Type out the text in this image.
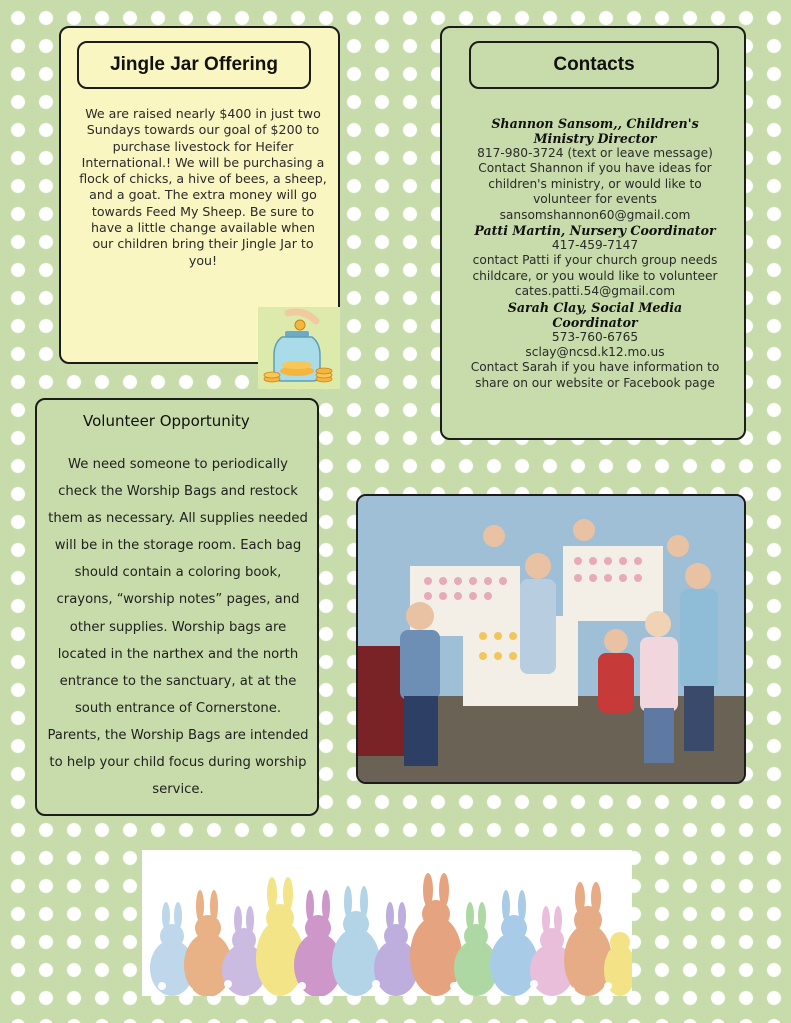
Jingle Jar Offering

We are raised nearly $400 in just two Sundays towards our goal of $200 to purchase livestock for Heifer International.! We will be purchasing a flock of chicks, a hive of bees, a sheep, and a goat. The extra money will go towards Feed My Sheep. Be sure to have a little change available when our children bring their Jingle Jar to you!

Contacts
Shannon Sansom,, Children's Ministry Director
817-980-3724 (text or leave message)
Contact Shannon if you have ideas for children's ministry, or would like to volunteer for events
sansomshannon60@gmail.com
Patti Martin, Nursery Coordinator
417-459-7147
contact Patti if your church group needs childcare, or you would like to volunteer
cates.patti.54@gmail.com
Sarah Clay, Social Media Coordinator
573-760-6765
sclay@ncsd.k12.mo.us
Contact Sarah if you have information to share on our website or Facebook page
Volunteer Opportunity

We need someone to periodically check the Worship Bags and restock them as necessary. All supplies needed will be in the storage room. Each bag should contain a coloring book, crayons, “worship notes” pages, and other supplies. Worship bags are located in the narthex and the north entrance to the sanctuary, at at the south entrance of Cornerstone. Parents, the Worship Bags are intended to help your child focus during worship service.
